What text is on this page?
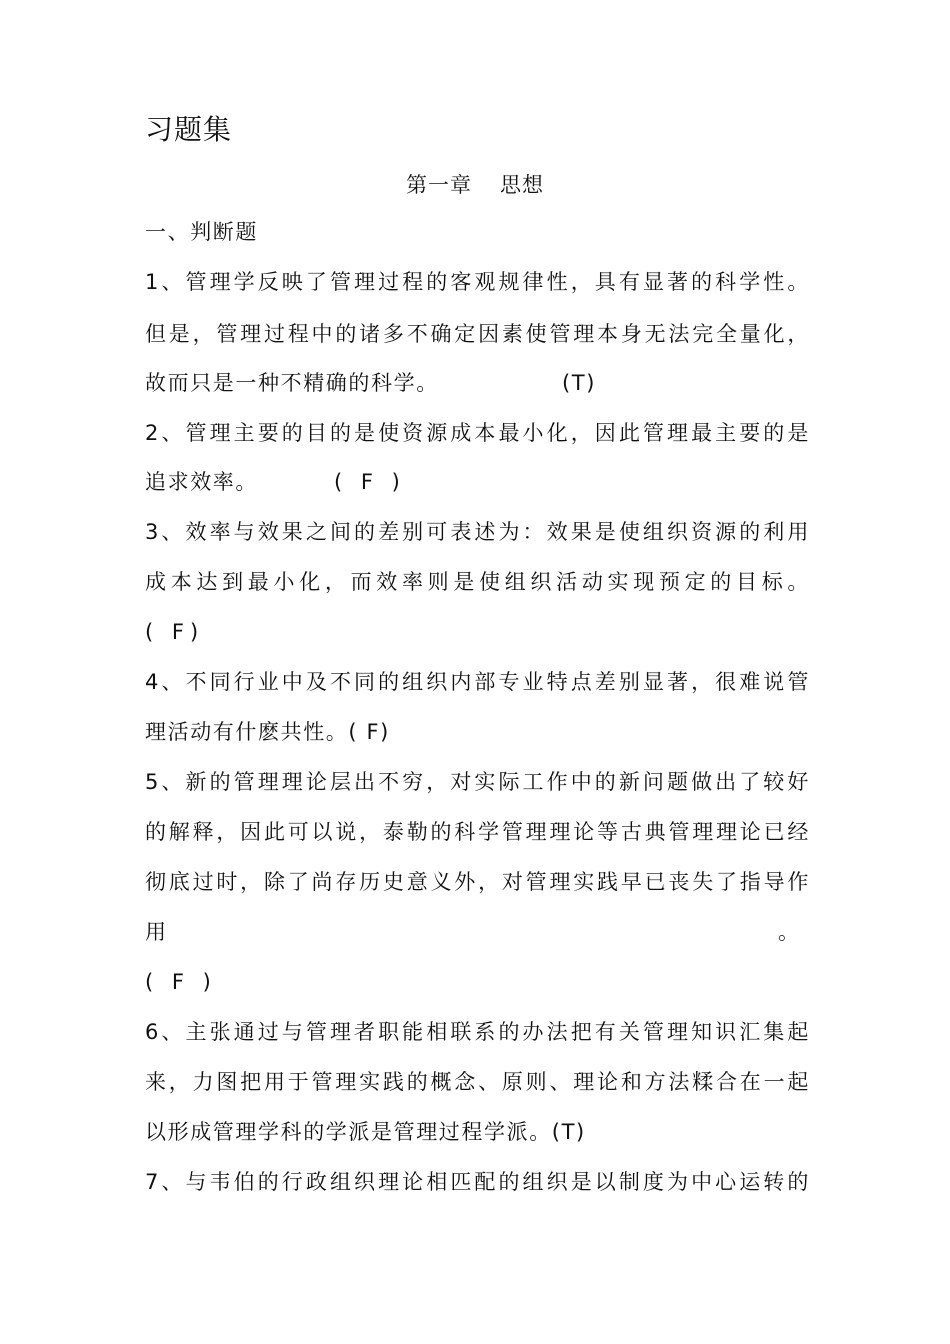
习题集
第一章 思想
一、判断题
1、管理学反映了管理过程的客观规律性，具有显著的科学性。
但是，管理过程中的诸多不确定因素使管理本身无法完全量化，
故而只是一种不精确的科学。	(T)
2、管理主要的目的是使资源成本最小化，因此管理最主要的是
追求效率。	( F )
3、效率与效果之间的差别可表述为：效果是使组织资源的利用
成本达到最小化，而效率则是使组织活动实现预定的目标。
( F)
4、不同行业中及不同的组织内部专业特点差别显著，很难说管
理活动有什麽共性。( F)
5、新的管理理论层出不穷，对实际工作中的新问题做出了较好
的解释，因此可以说，泰勒的科学管理理论等古典管理理论已经
彻底过时，除了尚存历史意义外，对管理实践早已丧失了指导作
用	。
( F )
6、主张通过与管理者职能相联系的办法把有关管理知识汇集起
来，力图把用于管理实践的概念、原则、理论和方法糅合在一起
以形成管理学科的学派是管理过程学派。(T)
7、与韦伯的行政组织理论相匹配的组织是以制度为中心运转的
